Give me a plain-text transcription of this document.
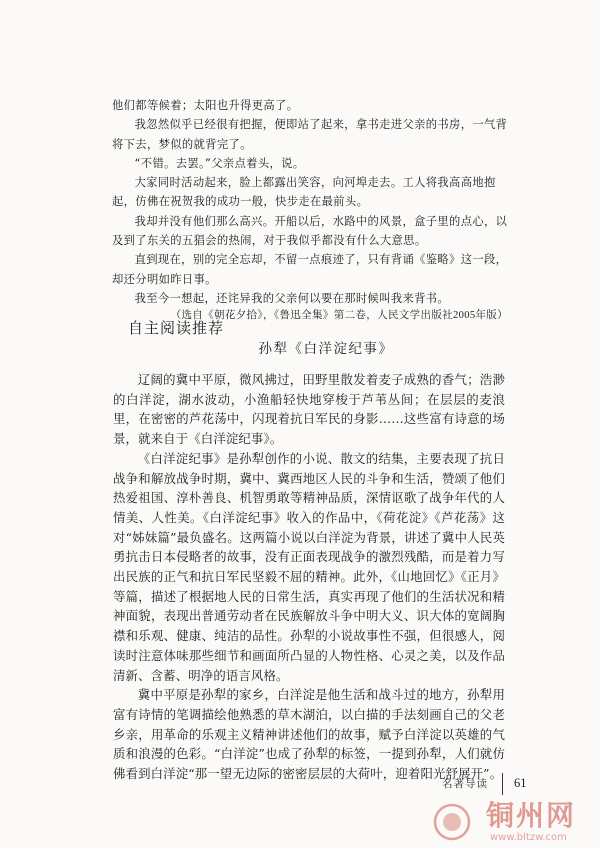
他们都等候着；太阳也升得更高了。

我忽然似乎已经很有把握，便即站了起来，拿书走进父亲的书房，一气背将下去，梦似的就背完了。

“不错。去罢。”父亲点着头，说。

大家同时活动起来，脸上都露出笑容，向河埠走去。工人将我高高地抱起，仿佛在祝贺我的成功一般，快步走在最前头。

我却并没有他们那么高兴。开船以后，水路中的风景，盒子里的点心，以及到了东关的五猖会的热闹，对于我似乎都没有什么大意思。

直到现在，别的完全忘却，不留一点痕迹了，只有背诵《鉴略》这一段，却还分明如昨日事。

我至今一想起，还诧异我的父亲何以要在那时候叫我来背书。

（选自《朝花夕拾》，《鲁迅全集》第二卷，人民文学出版社2005年版）
自主阅读推荐
孙犁《白洋淀纪事》

辽阔的冀中平原，微风拂过，田野里散发着麦子成熟的香气；浩渺的白洋淀，湖水波动，小渔船轻快地穿梭于芦苇丛间；在层层的麦浪里，在密密的芦花荡中，闪现着抗日军民的身影……这些富有诗意的场景，就来自于《白洋淀纪事》。

《白洋淀纪事》是孙犁创作的小说、散文的结集，主要表现了抗日战争和解放战争时期，冀中、冀西地区人民的斗争和生活，赞颂了他们热爱祖国、淳朴善良、机智勇敢等精神品质，深情讴歌了战争年代的人情美、人性美。《白洋淀纪事》收入的作品中，《荷花淀》《芦花荡》这对“姊妹篇”最负盛名。这两篇小说以白洋淀为背景，讲述了冀中人民英勇抗击日本侵略者的故事，没有正面表现战争的激烈残酷，而是着力写出民族的正气和抗日军民坚毅不屈的精神。此外，《山地回忆》《正月》等篇，描述了根据地人民的日常生活，真实再现了他们的生活状况和精神面貌，表现出普通劳动者在民族解放斗争中明大义、识大体的宽阔胸襟和乐观、健康、纯洁的品性。孙犁的小说故事性不强，但很感人，阅读时注意体味那些细节和画面所凸显的人物性格、心灵之美，以及作品清新、含蓄、明净的语言风格。

冀中平原是孙犁的家乡，白洋淀是他生活和战斗过的地方，孙犁用富有诗情的笔调描绘他熟悉的草木湖泊，以白描的手法刻画自己的父老乡亲，用革命的乐观主义精神讲述他们的故事，赋予白洋淀以英雄的气质和浪漫的色彩。“白洋淀”也成了孙犁的标签，一提到孙犁，人们就仿佛看到白洋淀“那一望无边际的密密层层的大荷叶，迎着阳光舒展开”。

名著导读 61
铜州网
www.bltzw.com
